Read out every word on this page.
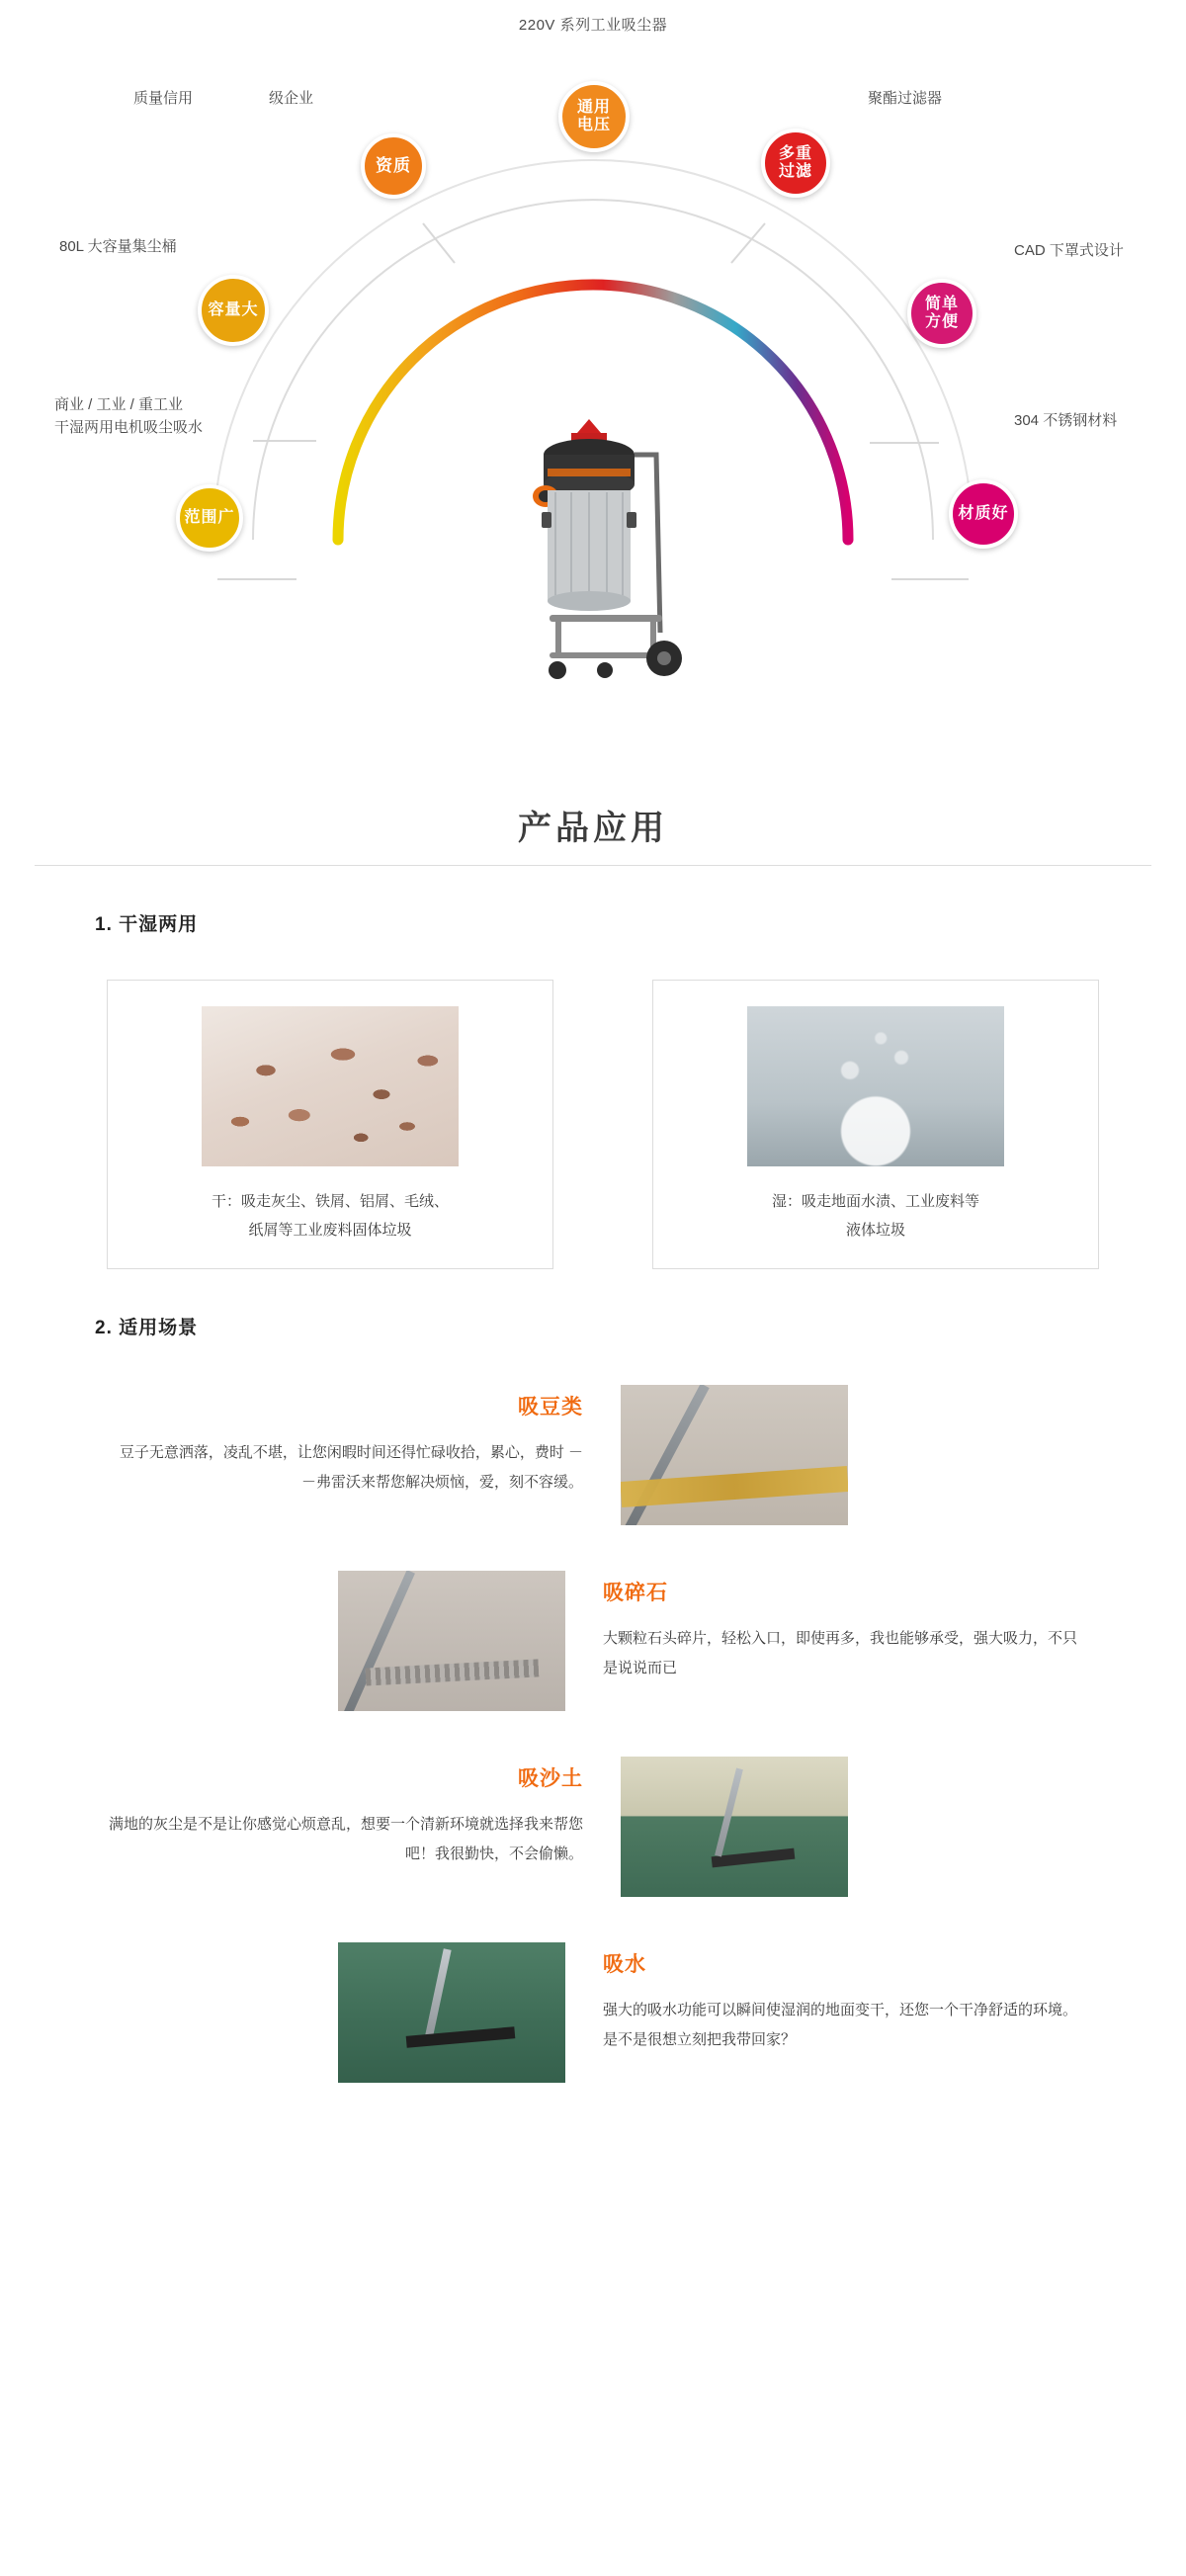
220V 系列工业吸尘器
质量信用	级企业
80L 大容量集尘桶
商业 / 工业 / 重工业
干湿两用电机吸尘吸水
聚酯过滤器
CAD 下罩式设计
304 不锈钢材料
通用
电压
资质
多重
过滤
容量大	简单
方便
范围广	材质好
产品应用
1. 干湿两用
干：吸走灰尘、铁屑、铝屑、毛绒、
纸屑等工业废料固体垃圾
湿：吸走地面水渍、工业废料等
液体垃圾
2. 适用场景
吸豆类

豆子无意洒落，凌乱不堪，让您闲暇时间还得忙碌收拾，累心，费时 －－弗雷沃来帮您解决烦恼，爱，刻不容缓。

吸碎石

大颗粒石头碎片，轻松入口，即使再多，我也能够承受，强大吸力，不只是说说而已

吸沙土

满地的灰尘是不是让你感觉心烦意乱，想要一个清新环境就选择我来帮您吧！我很勤快，不会偷懒。

吸水

强大的吸水功能可以瞬间使湿润的地面变干，还您一个干净舒适的环境。是不是很想立刻把我带回家？
